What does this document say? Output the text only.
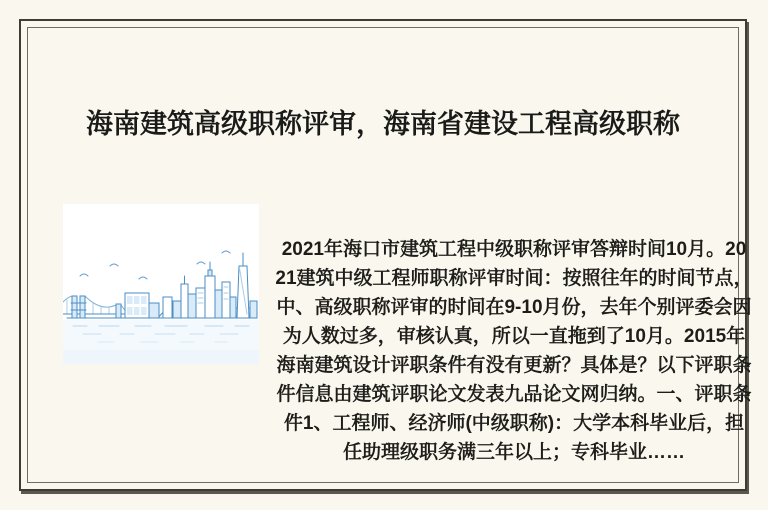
海南建筑高级职称评审，海南省建设工程高级职称
2021年海口市建筑工程中级职称评审答辩时间10月。20
21建筑中级工程师职称评审时间：按照往年的时间节点，
中、高级职称评审的时间在9-10月份，去年个别评委会因
为人数过多，审核认真，所以一直拖到了10月。2015年
海南建筑设计评职条件有没有更新？具体是？以下评职条
件信息由建筑评职论文发表九品论文网归纳。一、评职条
件1、工程师、经济师(中级职称)：大学本科毕业后，担
任助理级职务满三年以上；专科毕业……
